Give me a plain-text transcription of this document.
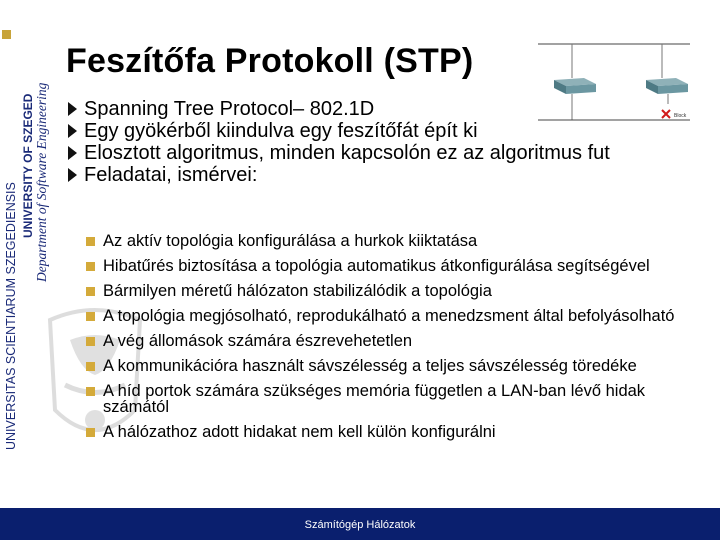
UNIVERSITAS SCIENTIARUM SZEGEDIENSIS
UNIVERSITY OF SZEGED Department of Software Engineering
Feszítőfa Protokoll (STP)
Block
Spanning Tree Protocol– 802.1D
Egy gyökérből kiindulva egy feszítőfát épít ki
Elosztott algoritmus, minden kapcsolón ez az algoritmus fut
Feladatai, ismérvei:
Az aktív topológia konfigurálása a hurkok kiiktatása
Hibatűrés biztosítása a topológia automatikus átkonfigurálása segítségével
Bármilyen méretű hálózaton stabilizálódik a topológia
A topológia megjósolható, reprodukálható a menedzsment által befolyásolható
A vég állomások számára észrevehetetlen
A kommunikációra használt sávszélesség a teljes sávszélesség töredéke
A híd portok számára szükséges memória független a LAN-ban lévő hidak számától
A hálózathoz adott hidakat nem kell külön konfigurálni
Számítógép Hálózatok
